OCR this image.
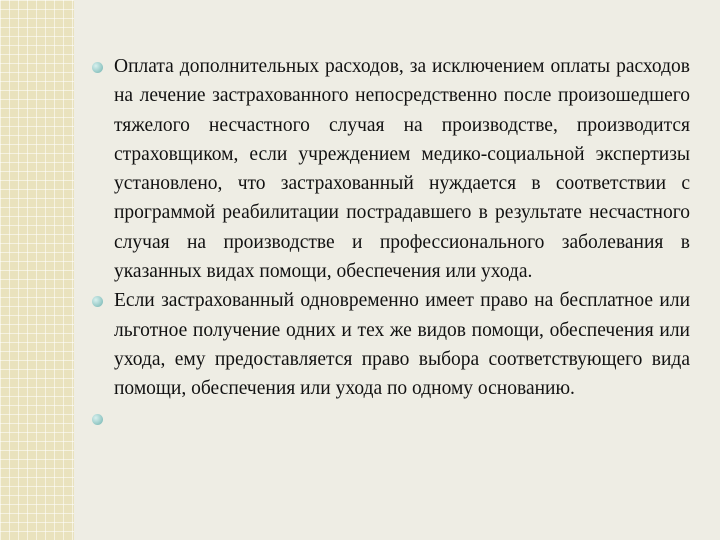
Оплата дополнительных расходов, за исключением оплаты расходов на лечение застрахованного непосредственно после произошедшего тяжелого несчастного случая на производстве, производится страховщиком, если учреждением медико-социальной экспертизы установлено, что застрахованный нуждается в соответствии с программой реабилитации пострадавшего в результате несчастного случая на производстве и профессионального заболевания в указанных видах помощи, обеспечения или ухода.
Если застрахованный одновременно имеет право на бесплатное или льготное получение одних и тех же видов помощи, обеспечения или ухода, ему предоставляется право выбора соответствующего вида помощи, обеспечения или ухода по одному основанию.
